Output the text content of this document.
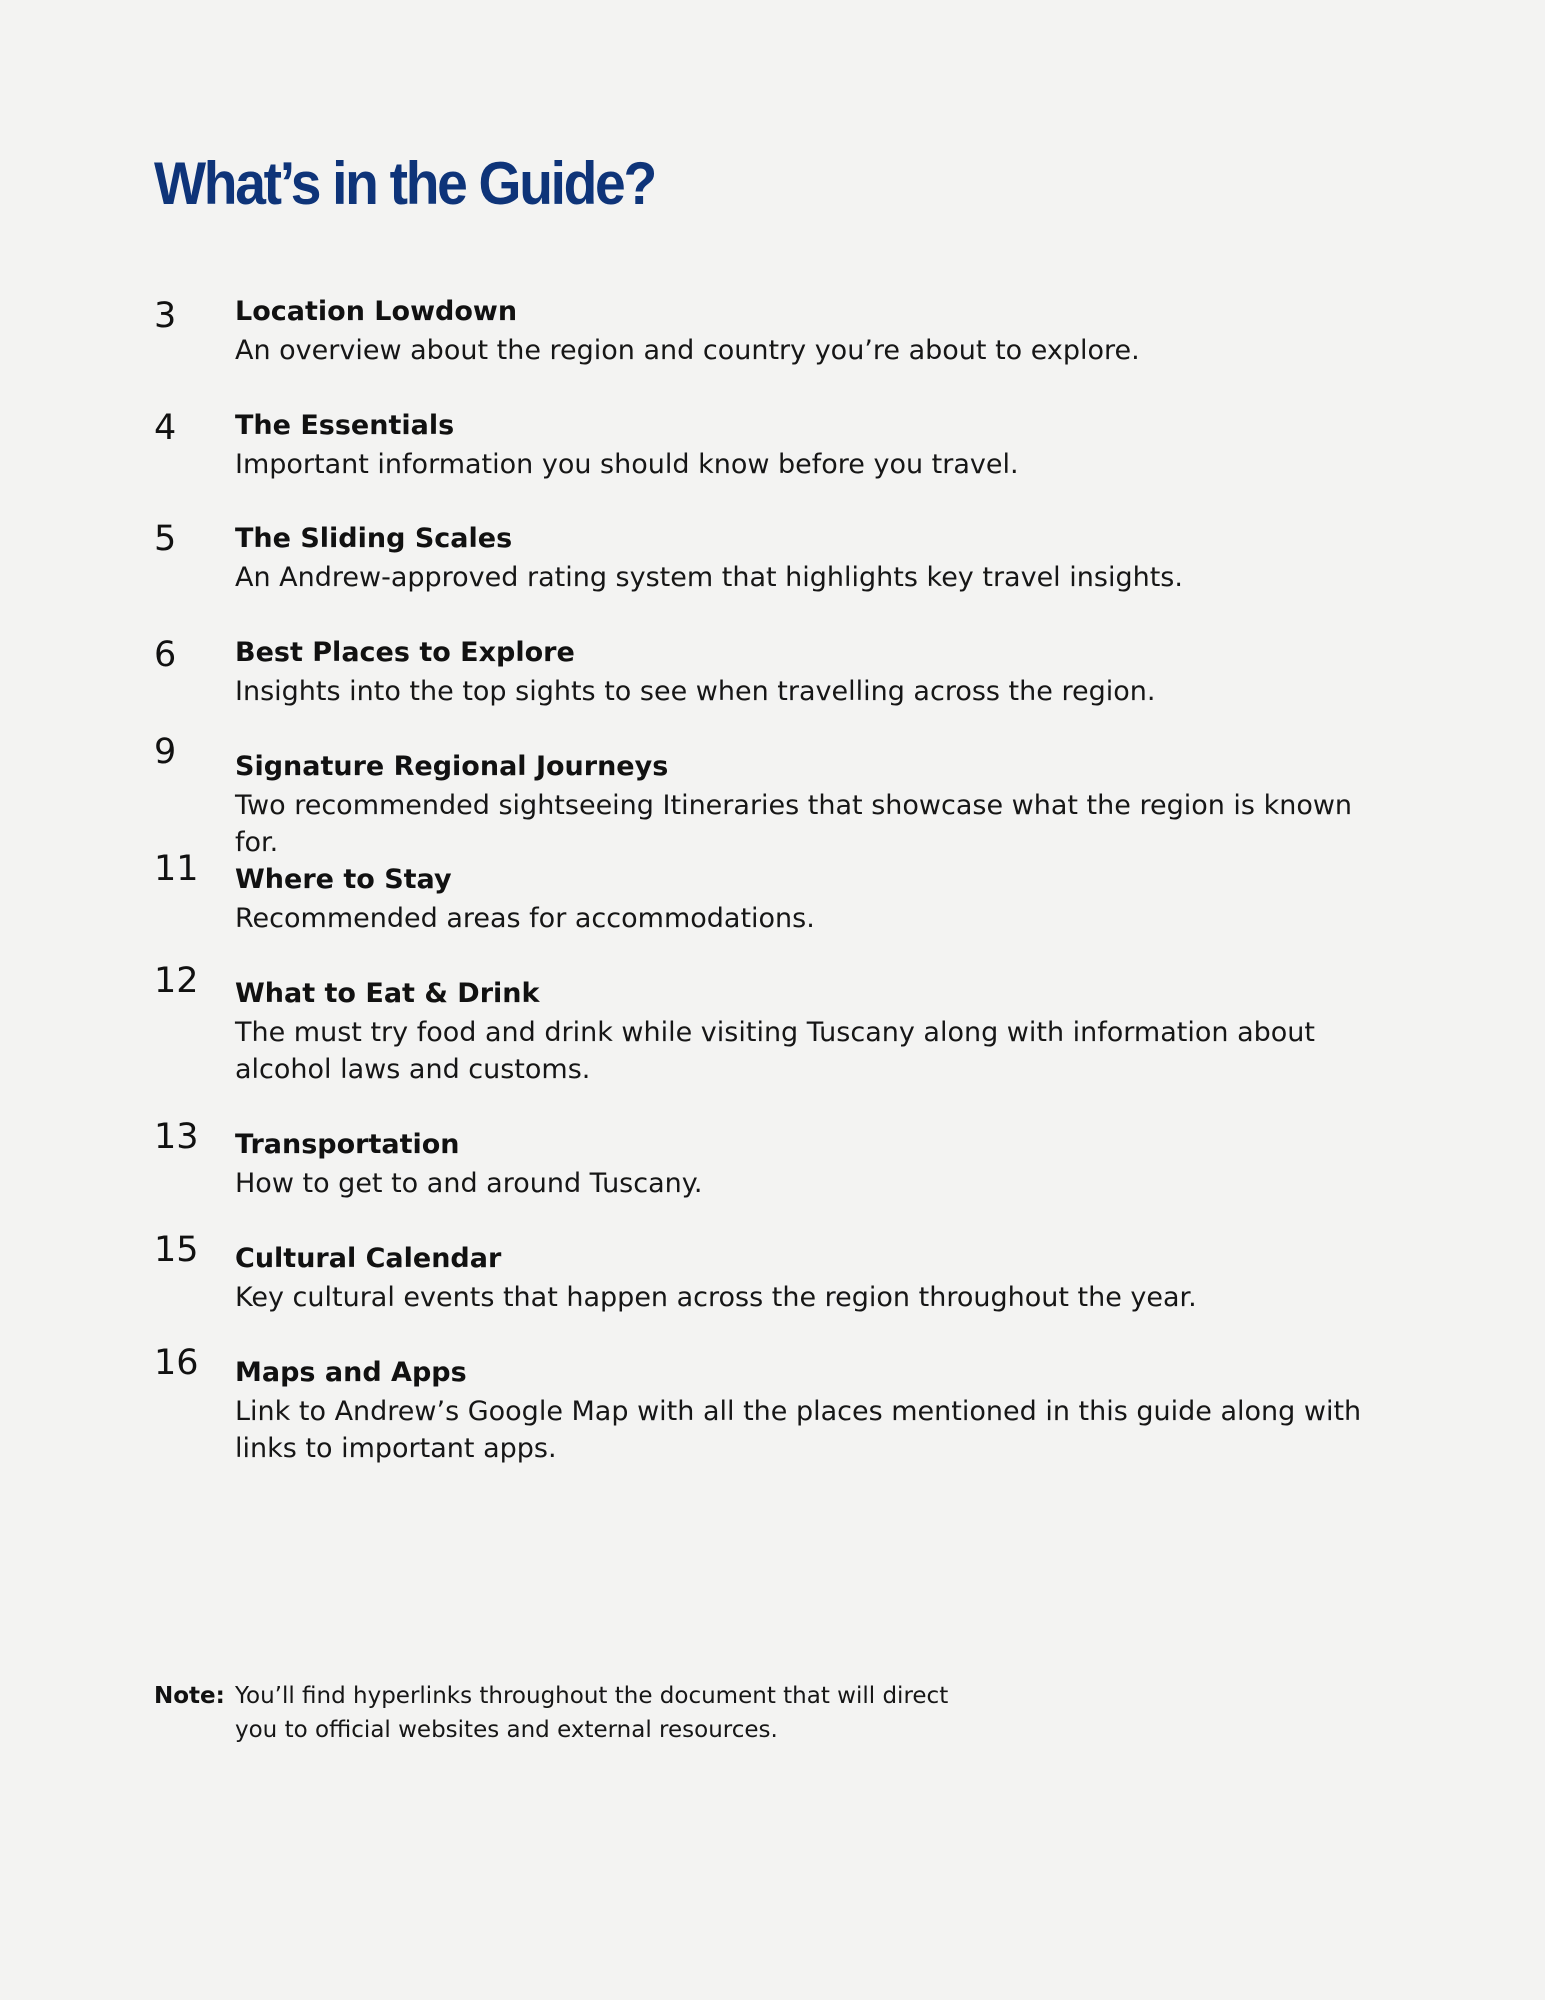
What’s in the Guide?
3 Location Lowdown
An overview about the region and country you’re about to explore.
4 The Essentials
Important information you should know before you travel.
5 The Sliding Scales
An Andrew-approved rating system that highlights key travel insights.
6 Best Places to Explore
Insights into the top sights to see when travelling across the region.
9 Signature Regional Journeys
Two recommended sightseeing Itineraries that showcase what the region is known for.
11 Where to Stay
Recommended areas for accommodations.
12 What to Eat & Drink
The must try food and drink while visiting Tuscany along with information about alcohol laws and customs.
13 Transportation
How to get to and around Tuscany.
15 Cultural Calendar
Key cultural events that happen across the region throughout the year.
16 Maps and Apps
Link to Andrew’s Google Map with all the places mentioned in this guide along with links to important apps.
Note: You’ll find hyperlinks throughout the document that will direct you to official websites and external resources.
